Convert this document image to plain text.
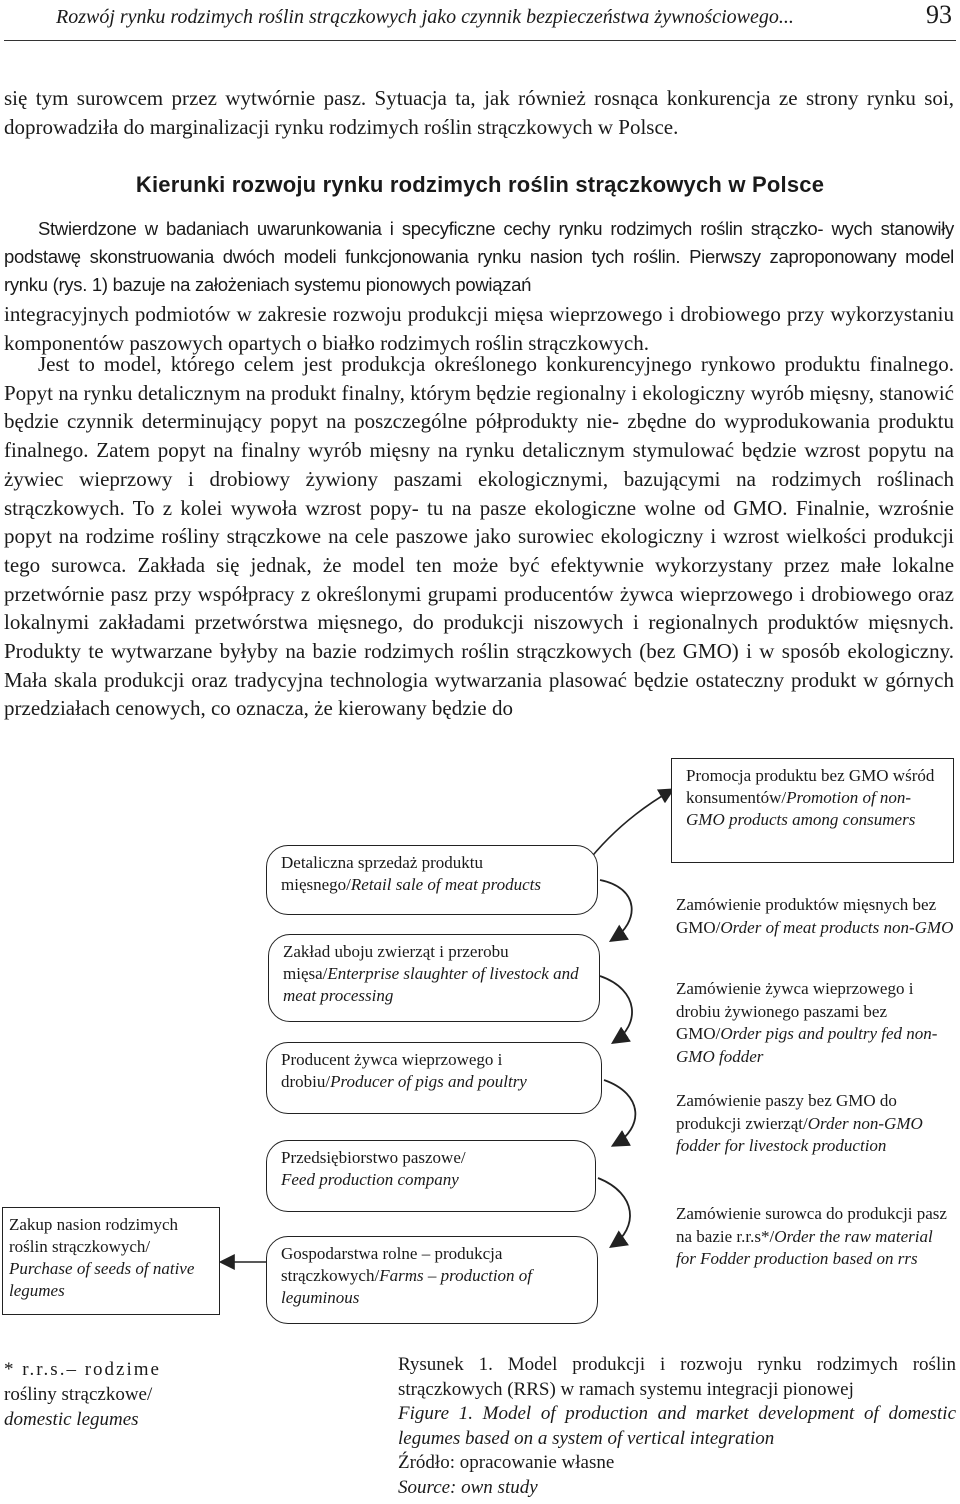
Rozwój rynku rodzimych roślin strączkowych jako czynnik bezpieczeństwa żywnościowego...	93

się tym surowcem przez wytwórnie pasz. Sytuacja ta, jak również rosnąca konkurencja ze strony rynku soi, doprowadziła do marginalizacji rynku rodzimych roślin strączkowych w Polsce.

Kierunki rozwoju rynku rodzimych roślin strączkowych w Polsce

Stwierdzone w badaniach uwarunkowania i specyficzne cechy rynku rodzimych roślin strączko- wych stanowiły podstawę skonstruowania dwóch modeli funkcjonowania rynku nasion tych roślin. Pierwszy zaproponowany model rynku (rys. 1) bazuje na założeniach systemu pionowych powiązań

integracyjnych podmiotów w zakresie rozwoju produkcji mięsa wieprzowego i drobiowego przy wykorzystaniu komponentów paszowych opartych o białko rodzimych roślin strączkowych.

Jest to model, którego celem jest produkcja określonego konkurencyjnego rynkowo produktu finalnego. Popyt na rynku detalicznym na produkt finalny, którym będzie regionalny i ekologiczny wyrób mięsny, stanowić będzie czynnik determinujący popyt na poszczególne półprodukty nie- zbędne do wyprodukowania produktu finalnego. Zatem popyt na finalny wyrób mięsny na rynku detalicznym stymulować będzie wzrost popytu na żywiec wieprzowy i drobiowy żywiony paszami ekologicznymi, bazującymi na rodzimych roślinach strączkowych. To z kolei wywoła wzrost popy- tu na pasze ekologiczne wolne od GMO. Finalnie, wzrośnie popyt na rodzime rośliny strączkowe na cele paszowe jako surowiec ekologiczny i wzrost wielkości produkcji tego surowca. Zakłada się jednak, że model ten może być efektywnie wykorzystany przez małe lokalne przetwórnie pasz przy współpracy z określonymi grupami producentów żywca wieprzowego i drobiowego oraz lokalnymi zakładami przetwórstwa mięsnego, do produkcji niszowych i regionalnych produktów mięsnych. Produkty te wytwarzane byłyby na bazie rodzimych roślin strączkowych (bez GMO) i w sposób ekologiczny. Mała skala produkcji oraz tradycyjna technologia wytwarzania plasować będzie ostateczny produkt w górnych przedziałach cenowych, co oznacza, że kierowany będzie do

Promocja produktu bez GMO wśród konsumentów/Promotion of non-GMO products among consumers
Detaliczna sprzedaż produktu mięsnego/Retail sale of meat products
Zakład uboju zwierząt i przerobu mięsa/Enterprise slaughter of livestock and meat processing
Producent żywca wieprzowego i drobiu/Producer of pigs and poultry
Przedsiębiorstwo paszowe/
Feed production company
Gospodarstwa rolne – produkcja strączkowych/Farms – production of leguminous
Zamówienie produktów mięsnych bez GMO/Order of meat products non-GMO
Zamówienie żywca wieprzowego i drobiu żywionego paszami bez GMO/Order pigs and poultry fed non-GMO fodder
Zamówienie paszy bez GMO do produkcji zwierząt/Order non-GMO fodder for livestock production
Zamówienie surowca do produkcji pasz na bazie r.r.s*/Order the raw material for Fodder production based on rrs
Zakup nasion rodzimych roślin strączkowych/ Purchase of seeds of native legumes
* r.r.s.– rodzime
rośliny strączkowe/
domestic legumes
Rysunek 1. Model produkcji i rozwoju rynku rodzimych roślin strączkowych (RRS) w ramach systemu integracji pionowej
Figure 1. Model of production and market development of domestic legumes based on a system of vertical integration
Źródło: opracowanie własne
Source: own study
